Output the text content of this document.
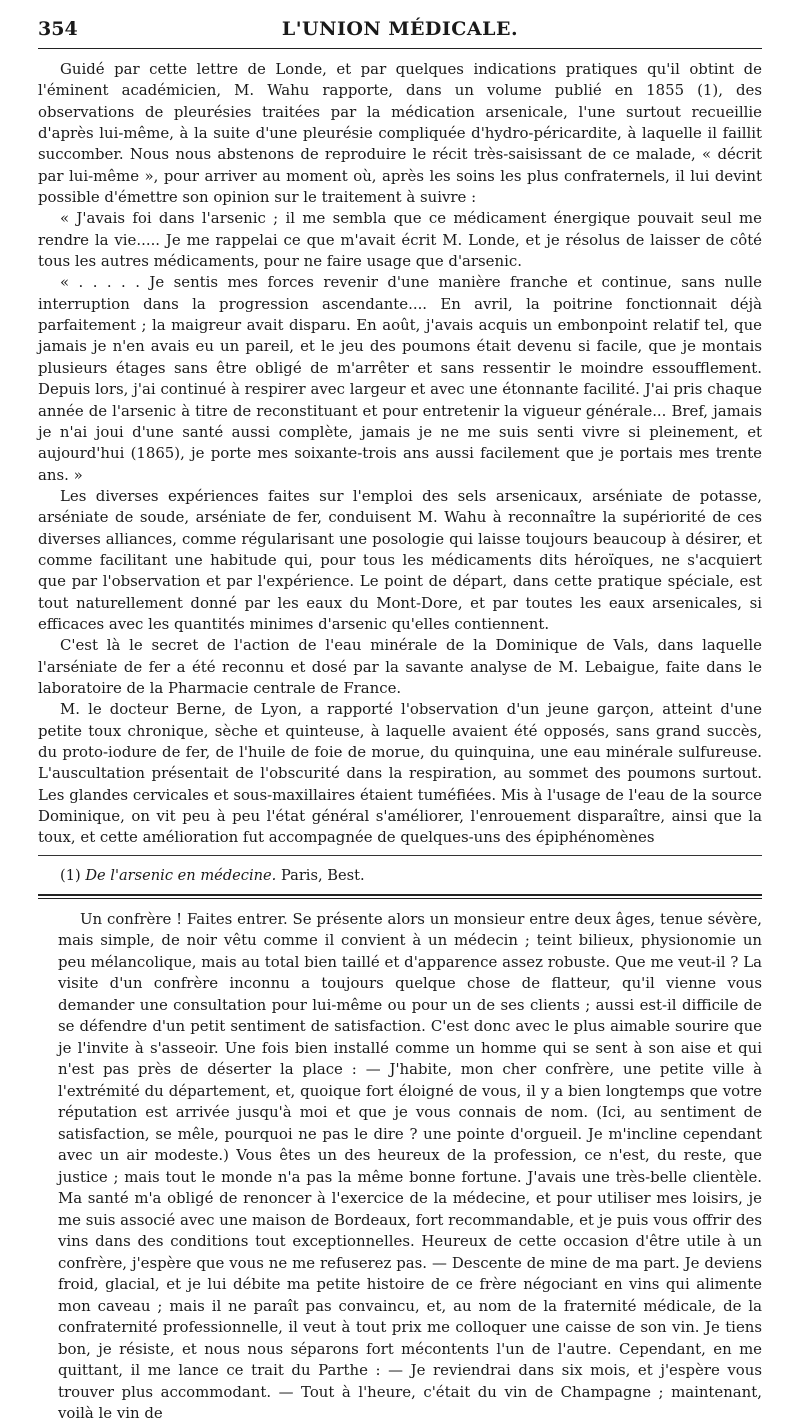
354	L'UNION MÉDICALE.

Guidé par cette lettre de Londe, et par quelques indications pratiques qu'il obtint de l'éminent académicien, M. Wahu rapporte, dans un volume publié en 1855 (1), des observations de pleurésies traitées par la médication arsenicale, l'une surtout recueillie d'après lui-même, à la suite d'une pleurésie compliquée d'hydro-péricardite, à laquelle il faillit succomber. Nous nous abstenons de reproduire le récit très-saisissant de ce malade, « décrit par lui-même », pour arriver au moment où, après les soins les plus confraternels, il lui devint possible d'émettre son opinion sur le traitement à suivre :

« J'avais foi dans l'arsenic ; il me sembla que ce médicament énergique pouvait seul me rendre la vie..... Je me rappelai ce que m'avait écrit M. Londe, et je résolus de laisser de côté tous les autres médicaments, pour ne faire usage que d'arsenic.

« . . . . . Je sentis mes forces revenir d'une manière franche et continue, sans nulle interruption dans la progression ascendante.... En avril, la poitrine fonctionnait déjà parfaitement ; la maigreur avait disparu. En août, j'avais acquis un embonpoint relatif tel, que jamais je n'en avais eu un pareil, et le jeu des poumons était devenu si facile, que je montais plusieurs étages sans être obligé de m'arrêter et sans ressentir le moindre essoufflement. Depuis lors, j'ai continué à respirer avec largeur et avec une étonnante facilité. J'ai pris chaque année de l'arsenic à titre de reconstituant et pour entretenir la vigueur générale... Bref, jamais je n'ai joui d'une santé aussi complète, jamais je ne me suis senti vivre si pleinement, et aujourd'hui (1865), je porte mes soixante-trois ans aussi facilement que je portais mes trente ans. »

Les diverses expériences faites sur l'emploi des sels arsenicaux, arséniate de potasse, arséniate de soude, arséniate de fer, conduisent M. Wahu à reconnaître la supériorité de ces diverses alliances, comme régularisant une posologie qui laisse toujours beaucoup à désirer, et comme facilitant une habitude qui, pour tous les médicaments dits héroïques, ne s'acquiert que par l'observation et par l'expérience. Le point de départ, dans cette pratique spéciale, est tout naturellement donné par les eaux du Mont-Dore, et par toutes les eaux arsenicales, si efficaces avec les quantités minimes d'arsenic qu'elles contiennent.

C'est là le secret de l'action de l'eau minérale de la Dominique de Vals, dans laquelle l'arséniate de fer a été reconnu et dosé par la savante analyse de M. Lebaigue, faite dans le laboratoire de la Pharmacie centrale de France.

M. le docteur Berne, de Lyon, a rapporté l'observation d'un jeune garçon, atteint d'une petite toux chronique, sèche et quinteuse, à laquelle avaient été opposés, sans grand succès, du proto-iodure de fer, de l'huile de foie de morue, du quinquina, une eau minérale sulfureuse. L'auscultation présentait de l'obscurité dans la respiration, au sommet des poumons surtout. Les glandes cervicales et sous-maxillaires étaient tuméfiées. Mis à l'usage de l'eau de la source Dominique, on vit peu à peu l'état général s'améliorer, l'enrouement disparaître, ainsi que la toux, et cette amélioration fut accompagnée de quelques-uns des épiphénomènes

(1) De l'arsenic en médecine. Paris, Best.

Un confrère ! Faites entrer. Se présente alors un monsieur entre deux âges, tenue sévère, mais simple, de noir vêtu comme il convient à un médecin ; teint bilieux, physionomie un peu mélancolique, mais au total bien taillé et d'apparence assez robuste. Que me veut-il ? La visite d'un confrère inconnu a toujours quelque chose de flatteur, qu'il vienne vous demander une consultation pour lui-même ou pour un de ses clients ; aussi est-il difficile de se défendre d'un petit sentiment de satisfaction. C'est donc avec le plus aimable sourire que je l'invite à s'asseoir. Une fois bien installé comme un homme qui se sent à son aise et qui n'est pas près de déserter la place : — J'habite, mon cher confrère, une petite ville à l'extrémité du département, et, quoique fort éloigné de vous, il y a bien longtemps que votre réputation est arrivée jusqu'à moi et que je vous connais de nom. (Ici, au sentiment de satisfaction, se mêle, pourquoi ne pas le dire ? une pointe d'orgueil. Je m'incline cependant avec un air modeste.) Vous êtes un des heureux de la profession, ce n'est, du reste, que justice ; mais tout le monde n'a pas la même bonne fortune. J'avais une très-belle clientèle. Ma santé m'a obligé de renoncer à l'exercice de la médecine, et pour utiliser mes loisirs, je me suis associé avec une maison de Bordeaux, fort recommandable, et je puis vous offrir des vins dans des conditions tout exceptionnelles. Heureux de cette occasion d'être utile à un confrère, j'espère que vous ne me refuserez pas. — Descente de mine de ma part. Je deviens froid, glacial, et je lui débite ma petite histoire de ce frère négociant en vins qui alimente mon caveau ; mais il ne paraît pas convaincu, et, au nom de la fraternité médicale, de la confraternité professionnelle, il veut à tout prix me colloquer une caisse de son vin. Je tiens bon, je résiste, et nous nous séparons fort mécontents l'un de l'autre. Cependant, en me quittant, il me lance ce trait du Parthe : — Je reviendrai dans six mois, et j'espère vous trouver plus accommodant. — Tout à l'heure, c'était du vin de Champagne ; maintenant, voilà le vin de
